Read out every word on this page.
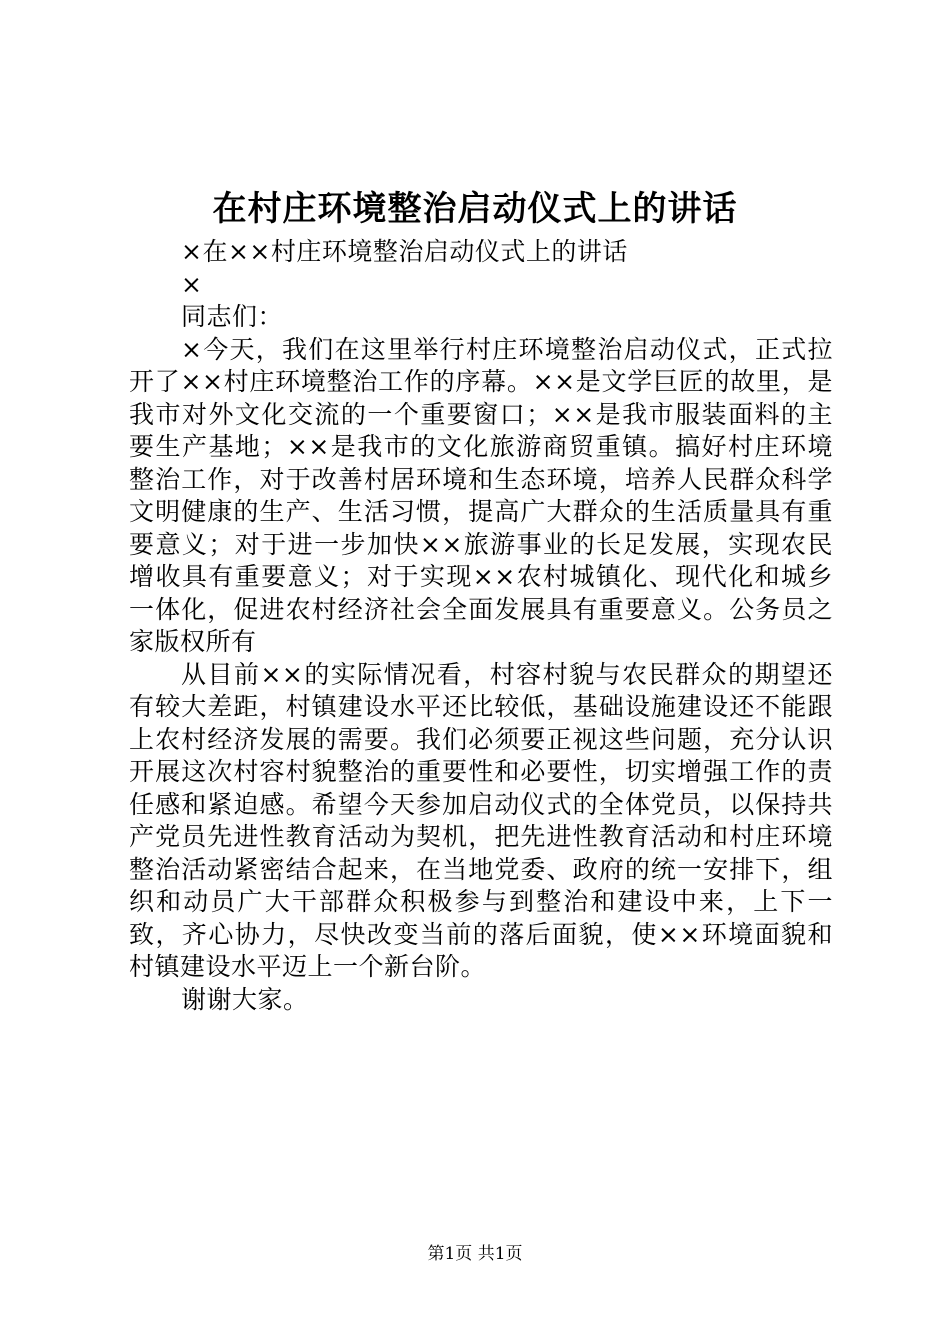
在村庄环境整治启动仪式上的讲话

×在××村庄环境整治启动仪式上的讲话

×

同志们：

×今天，我们在这里举行村庄环境整治启动仪式，正式拉开了××村庄环境整治工作的序幕。××是文学巨匠的故里，是我市对外文化交流的一个重要窗口；××是我市服装面料的主要生产基地；××是我市的文化旅游商贸重镇。搞好村庄环境整治工作，对于改善村居环境和生态环境，培养人民群众科学文明健康的生产、生活习惯，提高广大群众的生活质量具有重要意义；对于进一步加快××旅游事业的长足发展，实现农民增收具有重要意义；对于实现××农村城镇化、现代化和城乡一体化，促进农村经济社会全面发展具有重要意义。公务员之家版权所有

从目前××的实际情况看，村容村貌与农民群众的期望还有较大差距，村镇建设水平还比较低，基础设施建设还不能跟上农村经济发展的需要。我们必须要正视这些问题，充分认识开展这次村容村貌整治的重要性和必要性，切实增强工作的责任感和紧迫感。希望今天参加启动仪式的全体党员，以保持共产党员先进性教育活动为契机，把先进性教育活动和村庄环境整治活动紧密结合起来，在当地党委、政府的统一安排下，组织和动员广大干部群众积极参与到整治和建设中来，上下一致，齐心协力，尽快改变当前的落后面貌，使××环境面貌和村镇建设水平迈上一个新台阶。

谢谢大家。

第1页 共1页
